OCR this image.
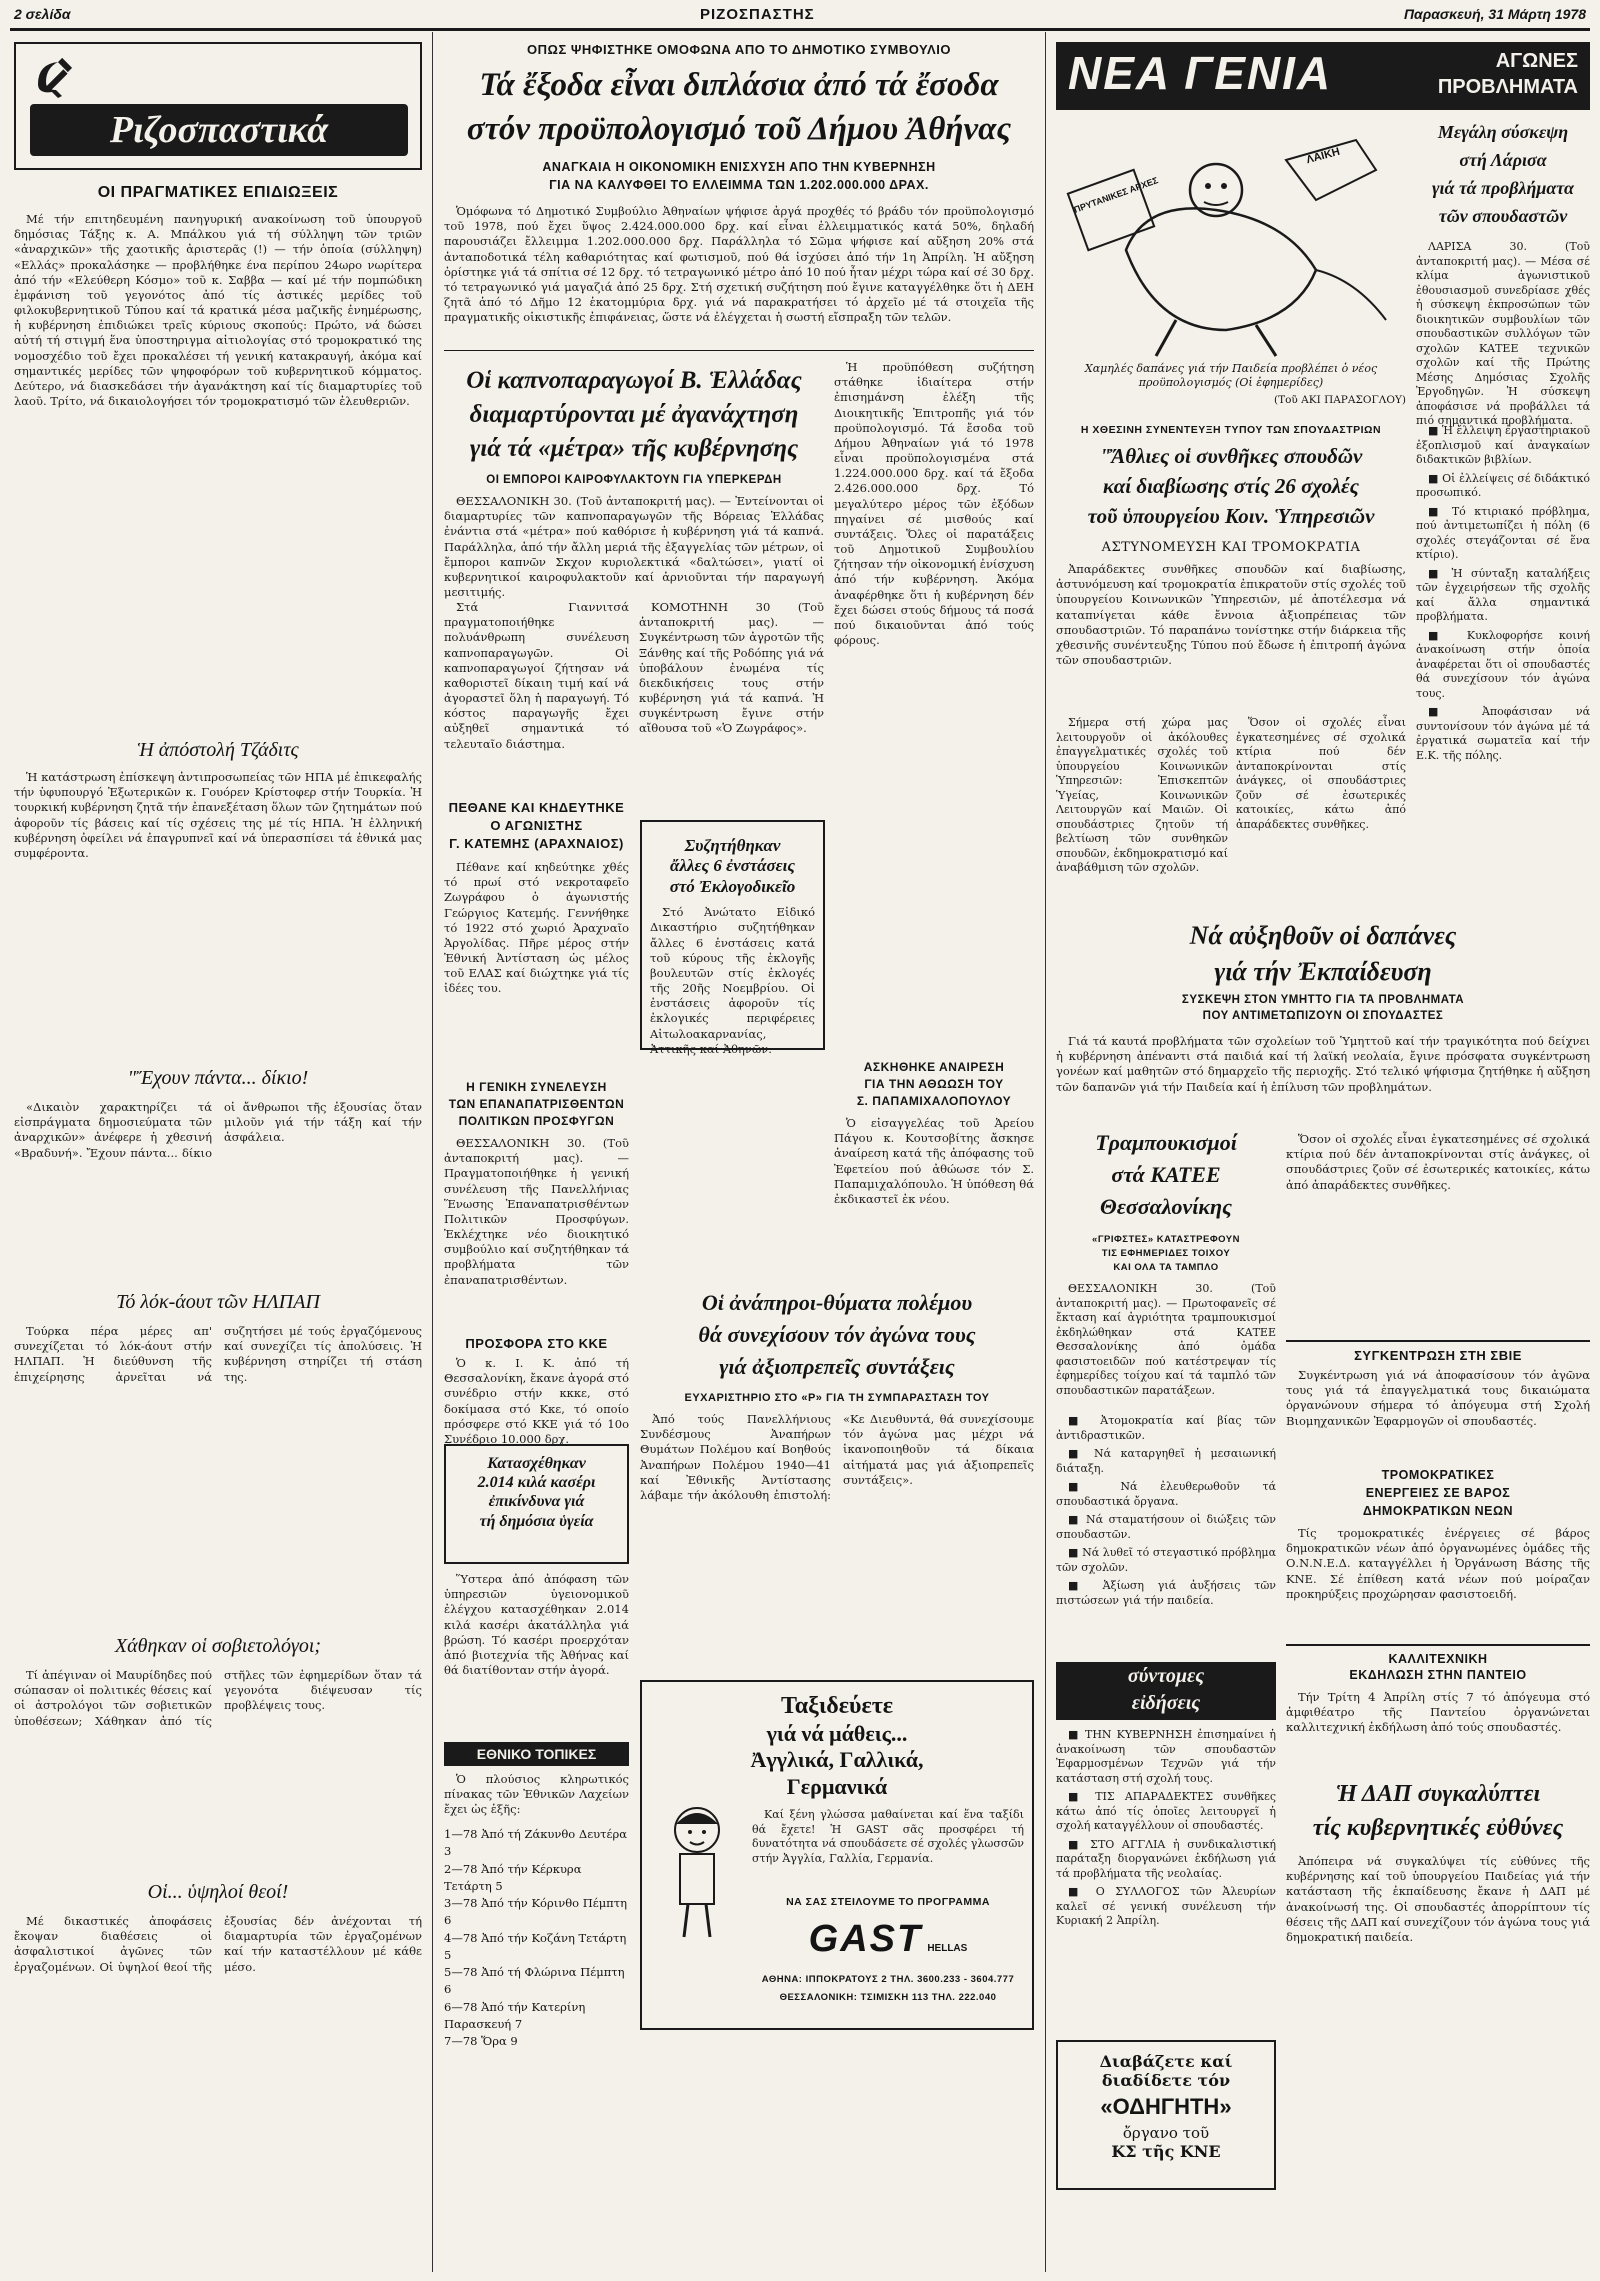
2 σελίδα	ΡΙΖΟΣΠΑΣΤΗΣ	Παρασκευή, 31 Μάρτη 1978
Ριζοσπαστικά
ΟΙ ΠΡΑΓΜΑΤΙΚΕΣ ΕΠΙΔΙΩΞΕΙΣ

Μέ τήν επιτηδευμένη πανηγυρική ανακοίνωση τοῦ ὑπουργοῦ δημόσιας Τάξης κ. Α. Μπάλκου γιά τή σύλληψη τῶν τριῶν «ἀναρχικῶν» τῆς χαοτικῆς ἀριστερᾶς (!) — τήν ὁποία (σύλληψη) «Ελλάς» προκαλάσηκε — προβλήθηκε ένα περίπου 24ωρο νωρίτερα ἀπό τήν «Ελεύθερη Κόσμο» τοῦ κ. Σαββα — καί μέ τήν πομπώδικη ἐμφάνιση τοῦ γεγονότος ἀπό τίς ἀστικές μερίδες τοῦ φιλοκυβερνητικοῦ Τύπου καί τά κρατικά μέσα μαζικῆς ἐνημέρωσης, ἡ κυβέρνηση ἐπιδιώκει τρεῖς κύριους σκοπούς: Πρώτο, νά δώσει αὐτή τή στιγμή ἕνα ὑποστηριγμα αἰτιολογίας στό τρομοκρατικό της νομοσχέδιο τοῦ ἔχει προκαλέσει τή γενική κατακραυγή, ἀκόμα καί σημαντικές μερίδες τῶν ψηφοφόρων τοῦ κυβερνητικοῦ κόμματος. Δεύτερο, νά διασκεδάσει τήν ἀγανάκτηση καί τίς διαμαρτυρίες τοῦ λαοῦ. Τρίτο, νά δικαιολογήσει τόν τρομοκρατισμό τῶν ἐλευθεριῶν.

Ἡ ἀπόστολή Τζάδιτς

Ἡ κατάστρωση ἐπίσκεψη ἀντιπροσωπείας τῶν ΗΠΑ μέ ἐπικεφαλής τήν ὑφυπουργό Ἐξωτερικῶν κ. Γουόρεν Κρίστοφερ στήν Τουρκία. Ἡ τουρκική κυβέρνηση ζητᾶ τήν ἐπανεξέταση ὅλων τῶν ζητημάτων πού ἀφοροῦν τίς βάσεις καί τίς σχέσεις της μέ τίς ΗΠΑ. Ἡ ἐλληνική κυβέρνηση ὀφείλει νά ἐπαγρυπνεῖ καί νά ὑπερασπίσει τά ἐθνικά μας συμφέροντα.

"Ἔχουν πάντα... δίκιο!

«Δικαιὸν χαρακτηρίζει τά εἰσπράγματα δημοσιεύματα τῶν ἀναρχικῶν» ἀνέφερε ἡ χθεσινή «Βραδυνή». Ἔχουν πάντα... δίκιο οἱ ἄνθρωποι τῆς ἐξουσίας ὅταν μιλοῦν γιά τήν τάξη καί τήν ἀσφάλεια.

Τό λόκ-άουτ τῶν ΗΛΠΑΠ

Τούρκα πέρα μέρες απ' συνεχίζεται τό λόκ-άουτ στήν ΗΛΠΑΠ. Ἡ διεύθυνση τῆς ἐπιχείρησης ἀρνεῖται νά συζητήσει μέ τούς ἐργαζόμενους καί συνεχίζει τίς ἀπολύσεις. Ἡ κυβέρνηση στηρίζει τή στάση της.

Χάθηκαν οἱ σοβιετολόγοι;

Τί ἀπέγιναν οἱ Μαυρίδηδες πού σώπασαν οἱ πολιτικές θέσεις καί οἱ ἀστρολόγοι τῶν σοβιετικῶν ὑποθέσεων; Χάθηκαν ἀπό τίς στῆλες τῶν ἐφημερίδων ὅταν τά γεγονότα διέψευσαν τίς προβλέψεις τους.

Οἱ... ὑψηλοί θεοί!

Μέ δικαστικές ἀποφάσεις ἔκοψαν διαθέσεις οἱ ἀσφαλιστικοί ἀγῶνες τῶν ἐργαζομένων. Οἱ ὑψηλοί θεοί τῆς ἐξουσίας δέν ἀνέχονται τή διαμαρτυρία τῶν ἐργαζομένων καί τήν καταστέλλουν μέ κάθε μέσο.

ΟΠΩΣ ΨΗΦΙΣΤΗΚΕ ΟΜΟΦΩΝΑ ΑΠΟ ΤΟ ΔΗΜΟΤΙΚΟ ΣΥΜΒΟΥΛΙΟ
Τά ἔξοδα εἶναι διπλάσια ἀπό τά ἔσοδα
στόν προϋπολογισμό τοῦ Δήμου Ἀθήνας
ΑΝΑΓΚΑΙΑ Η ΟΙΚΟΝΟΜΙΚΗ ΕΝΙΣΧΥΣΗ ΑΠΟ ΤΗΝ ΚΥΒΕΡΝΗΣΗ
ΓΙΑ ΝΑ ΚΑΛΥΦΘΕΙ ΤΟ ΕΛΛΕΙΜΜΑ ΤΩΝ 1.202.000.000 ΔΡΑΧ.

Ὁμόφωνα τό Δημοτικό Συμβούλιο Ἀθηναίων ψήφισε ἀργά προχθές τό βράδυ τόν προϋπολογισμό τοῦ 1978, πού ἔχει ὕψος 2.424.000.000 δρχ. καί εἶναι ἐλλειμματικός κατά 50%, δηλαδή παρουσιάζει ἔλλειμμα 1.202.000.000 δρχ. Παράλληλα τό Σῶμα ψήφισε καί αὔξηση 20% στά ἀνταποδοτικά τέλη καθαριότητας καί φωτισμοῦ, πού θά ἰσχύσει ἀπό τήν 1η Ἀπρίλη. Ἡ αὔξηση ὁρίστηκε γιά τά σπίτια σέ 12 δρχ. τό τετραγωνικό μέτρο ἀπό 10 πού ἦταν μέχρι τώρα καί σέ 30 δρχ. τό τετραγωνικό γιά μαγαζιά ἀπό 25 δρχ. Στή σχετική συζήτηση πού ἔγινε καταγγέλθηκε ὅτι ἡ ΔΕΗ ζητᾶ ἀπό τό Δῆμο 12 ἑκατομμύρια δρχ. γιά νά παρακρατήσει τό ἀρχεῖο μέ τά στοιχεῖα τῆς πραγματικῆς οἰκιστικῆς ἐπιφάνειας, ὥστε νά ἐλέγχεται ἡ σωστή εἴσπραξη τῶν τελῶν.

Οἱ καπνοπαραγωγοί Β. Ἑλλάδας
διαμαρτύρονται μέ ἀγανάχτηση
γιά τά «μέτρα» τῆς κυβέρνησης
ΟΙ ΕΜΠΟΡΟΙ ΚΑΙΡΟΦΥΛΑΚΤΟΥΝ ΓΙΑ ΥΠΕΡΚΕΡΔΗ

ΘΕΣΣΑΛΟΝΙΚΗ 30. (Τοῦ ἀνταποκριτή μας). — Ἐντείνονται οἱ διαμαρτυρίες τῶν καπνοπαραγωγῶν τῆς Βόρειας Ἑλλάδας ἐνάντια στά «μέτρα» πού καθόρισε ἡ κυβέρνηση γιά τά καπνά. Παράλληλα, ἀπό τήν ἄλλη μεριά τῆς ἐξαγγελίας τῶν μέτρων, οἱ ἔμποροι καπνῶν Σκχον κυριολεκτικά «δαλτώσει», γιατί οἱ κυβερνητικοί καιροφυλακτοῦν καί ἀρνιοῦνται τήν παραγωγή μεσιτιμής.

Στά Γιαννιτσά πραγματοποιήθηκε πολυάνθρωπη συνέλευση καπνοπαραγωγῶν. Οἱ καπνοπαραγωγοί ζήτησαν νά καθοριστεῖ δίκαιη τιμή καί νά ἀγοραστεῖ ὅλη ἡ παραγωγή. Τό κόστος παραγωγῆς ἔχει αὐξηθεῖ σημαντικά τό τελευταῖο διάστημα.

ΚΟΜΟΤΗΝΗ 30 (Τοῦ ἀνταποκριτή μας). — Συγκέντρωση τῶν ἀγροτῶν τῆς Ξάνθης καί τῆς Ροδόπης γιά νά ὑποβάλουν ἐνωμένα τίς διεκδικήσεις τους στήν κυβέρνηση γιά τά καπνά. Ἡ συγκέντρωση ἔγινε στήν αἴθουσα τοῦ «Ὁ Ζωγράφος».

Ἡ προϋπόθεση συζήτηση στάθηκε ἰδιαίτερα στήν ἐπισημάνση ἐλέξη τῆς Διοικητικῆς Ἐπιτροπῆς γιά τόν προϋπολογισμό. Τά ἔσοδα τοῦ Δήμου Ἀθηναίων γιά τό 1978 εἶναι προϋπολογισμένα στά 1.224.000.000 δρχ. καί τά ἔξοδα 2.426.000.000 δρχ. Τό μεγαλύτερο μέρος τῶν ἐξόδων πηγαίνει σέ μισθούς καί συντάξεις. Ὅλες οἱ παρατάξεις τοῦ Δημοτικοῦ Συμβουλίου ζήτησαν τήν οἰκονομική ἐνίσχυση ἀπό τήν κυβέρνηση. Ἀκόμα ἀναφέρθηκε ὅτι ἡ κυβέρνηση δέν ἔχει δώσει στούς δήμους τά ποσά πού δικαιοῦνται ἀπό τούς φόρους.

ΠΕΘΑΝΕ ΚΑΙ ΚΗΔΕΥΤΗΚΕ
Ο ΑΓΩΝΙΣΤΗΣ
Γ. ΚΑΤΕΜΗΣ (ΑΡΑΧΝΑΙΟΣ)

Πέθανε καί κηδεύτηκε χθές τό πρωί στό νεκροταφεῖο Ζωγράφου ὁ ἀγωνιστής Γεώργιος Κατεμής. Γεννήθηκε τό 1922 στό χωριό Ἀραχναῖο Ἀργολίδας. Πῆρε μέρος στήν Ἐθνική Ἀντίσταση ὡς μέλος τοῦ ΕΛΑΣ καί διώχτηκε γιά τίς ἰδέες του.

Συζητήθηκαν
ἄλλες 6 ἐνστάσεις
στό Ἐκλογοδικεῖο

Στό Ἀνώτατο Εἰδικό Δικαστήριο συζητήθηκαν ἄλλες 6 ἐνστάσεις κατά τοῦ κύρους τῆς ἐκλογῆς βουλευτῶν στίς ἐκλογές τῆς 20ῆς Νοεμβρίου. Οἱ ἐνστάσεις ἀφοροῦν τίς ἐκλογικές περιφέρειες Αἰτωλοακαρνανίας, Ἀττικῆς καί Ἀθηνῶν.

ΑΣΚΗΘΗΚΕ ΑΝΑΙΡΕΣΗ
ΓΙΑ ΤΗΝ ΑΘΩΩΣΗ ΤΟΥ
Σ. ΠΑΠΑΜΙΧΑΛΟΠΟΥΛΟΥ

Ὁ εἰσαγγελέας τοῦ Ἀρείου Πάγου κ. Κουτσοβίτης ἄσκησε ἀναίρεση κατά τῆς ἀπόφασης τοῦ Ἐφετείου πού ἀθώωσε τόν Σ. Παπαμιχαλόπουλο. Ἡ ὑπόθεση θά ἐκδικαστεῖ ἐκ νέου.

Η ΓΕΝΙΚΗ ΣΥΝΕΛΕΥΣΗ
ΤΩΝ ΕΠΑΝΑΠΑΤΡΙΣΘΕΝΤΩΝ
ΠΟΛΙΤΙΚΩΝ ΠΡΟΣΦΥΓΩΝ

ΘΕΣΣΑΛΟΝΙΚΗ 30. (Τοῦ ἀνταποκριτή μας). — Πραγματοποιήθηκε ἡ γενική συνέλευση τῆς Πανελλήνιας Ἕνωσης Ἐπαναπατρισθέντων Πολιτικῶν Προσφύγων. Ἐκλέχτηκε νέο διοικητικό συμβούλιο καί συζητήθηκαν τά προβλήματα τῶν ἐπαναπατρισθέντων.

ΠΡΟΣΦΟΡΑ ΣΤΟ ΚΚΕ

Ὁ κ. Ι. Κ. ἀπό τή Θεσσαλονίκη, ἔκανε ἀγορά στό συνέδριο στήν κκκε, στό δοκίμασα στό Κκε, τό οποίο πρόσφερε στό ΚΚΕ γιά τό 10ο Συνέδριο 10.000 δρχ.

Κατασχέθηκαν
2.014 κιλά κασέρι
ἐπικίνδυνα γιά
τή δημόσια ὑγεία

Ὕστερα ἀπό ἀπόφαση τῶν ὑπηρεσιῶν ὑγειονομικοῦ ἐλέγχου κατασχέθηκαν 2.014 κιλά κασέρι ἀκατάλληλα γιά βρώση. Τό κασέρι προερχόταν ἀπό βιοτεχνία τῆς Ἀθήνας καί θά διατίθονταν στήν ἀγορά.

ΕΘΝΙΚΟ ΤΟΠΙΚΕΣ

Ὁ πλούσιος κληρωτικός πίνακας τῶν Ἐθνικῶν Λαχείων ἔχει ὡς ἑξῆς:

1—78 Ἀπό τή Ζάκυνθο Δευτέρα 3
2—78 Ἀπό τήν Κέρκυρα Τετάρτη 5
3—78 Ἀπό τήν Κόρινθο Πέμπτη 6
4—78 Ἀπό τήν Κοζάνη Τετάρτη 5
5—78 Ἀπό τή Φλώρινα Πέμπτη 6
6—78 Ἀπό τήν Κατερίνη Παρασκευή 7
7—78 Ὅρα 9
Οἱ ἀνάπηροι-θύματα πολέμου
θά συνεχίσουν τόν ἀγώνα τους
γιά ἀξιοπρεπεῖς συντάξεις
ΕΥΧΑΡΙΣΤΗΡΙΟ ΣΤΟ «Ρ» ΓΙΑ ΤΗ ΣΥΜΠΑΡΑΣΤΑΣΗ ΤΟΥ

Ἀπό τούς Πανελλήνιους Συνδέσμους Ἀναπήρων Θυμάτων Πολέμου καί Βοηθούς Ἀναπήρων Πολέμου 1940—41 καί Ἐθνικῆς Ἀντίστασης λάβαμε τήν ἀκόλουθη ἐπιστολή: «Κε Διευθυντά, θά συνεχίσουμε τόν ἀγώνα μας μέχρι νά ἱκανοποιηθοῦν τά δίκαια αἰτήματά μας γιά ἀξιοπρεπεῖς συντάξεις».

Ταξιδεύετε
γιά νά μάθεις...
Ἀγγλικά, Γαλλικά,
Γερμανικά

Καί ξένη γλώσσα μαθαίνεται καί ἕνα ταξίδι θά ἔχετε! Ἡ GAST σᾶς προσφέρει τή δυνατότητα νά σπουδάσετε σέ σχολές γλωσσῶν στήν Ἀγγλία, Γαλλία, Γερμανία.

ΝΑ ΣΑΣ ΣΤΕΙΛΟΥΜΕ ΤΟ ΠΡΟΓΡΑΜΜΑ
GAST HELLAS
ΑΘΗΝΑ: ΙΠΠΟΚΡΑΤΟΥΣ 2 ΤΗΛ. 3600.233 - 3604.777
ΘΕΣΣΑΛΟΝΙΚΗ: ΤΣΙΜΙΣΚΗ 113 ΤΗΛ. 222.040
ΝΕΑ ΓΕΝΙΑ	ΑΓΩΝΕΣ
ΠΡΟΒΛΗΜΑΤΑ
ΠΡΥΤΑΝΙΚΕΣ ΑΡΧΕΣ
ΛΑΪΚΗ
Χαμηλές δαπάνες γιά τήν Παιδεία προβλέπει ὁ νέος προϋπολογισμός (Οἱ ἐφημερίδες)
(Τοῦ ΑΚΙ ΠΑΡΑΣΟΓΛΟΥ)
Μεγάλη σύσκεψη
στή Λάρισα
γιά τά προβλήματα
τῶν σπουδαστῶν

ΛΑΡΙΣΑ 30. (Τοῦ ἀνταποκριτή μας). — Μέσα σέ κλίμα ἀγωνιστικοῦ ἐθουσιασμοῦ συνεδρίασε χθές ἡ σύσκεψη ἐκπροσώπων τῶν διοικητικῶν συμβουλίων τῶν σπουδαστικῶν συλλόγων τῶν σχολῶν ΚΑΤΕΕ τεχνικῶν σχολῶν καί τῆς Πρώτης Μέσης Δημόσιας Σχολῆς Ἐργοδηγῶν. Ἡ σύσκεψη ἀποφάσισε νά προβάλλει τά πιό σημαντικά προβλήματα.

■ Ἡ ἔλλειψη ἐργαστηριακοῦ ἐξοπλισμοῦ καί ἀναγκαίων διδακτικῶν βιβλίων.

■ Οἱ ἐλλείψεις σέ διδάκτικό προσωπικό.

■ Τό κτιριακό πρόβλημα, πού ἀντιμετωπίζει ἡ πόλη (6 σχολές στεγάζονται σέ ἕνα κτίριο).

■ Ἡ σύνταξη καταλήξεις τῶν ἐγχειρήσεων τῆς σχολῆς καί ἄλλα σημαντικά προβλήματα.

■ Κυκλοφορήσε κοινή ἀνακοίνωση στήν ὁποία ἀναφέρεται ὅτι οἱ σπουδαστές θά συνεχίσουν τόν ἀγώνα τους.

■ Ἀποφάσισαν νά συντονίσουν τόν ἀγώνα μέ τά ἐργατικά σωματεῖα καί τήν Ε.Κ. τῆς πόλης.

Η ΧΘΕΣΙΝΗ ΣΥΝΕΝΤΕΥΞΗ ΤΥΠΟΥ ΤΩΝ ΣΠΟΥΔΑΣΤΡΙΩΝ
"Ἄθλιες οἱ συνθῆκες σπουδῶν
καί διαβίωσης στίς 26 σχολές
τοῦ ὑπουργείου Κοιν. Ὑπηρεσιῶν
ΑΣΤΥΝΟΜΕΥΣΗ ΚΑΙ ΤΡΟΜΟΚΡΑΤΙΑ

Ἀπαράδεκτες συνθῆκες σπουδῶν καί διαβίωσης, ἀστυνόμευση καί τρομοκρατία ἐπικρατοῦν στίς σχολές τοῦ ὑπουργείου Κοινωνικῶν Ὑπηρεσιῶν, μέ ἀποτέλεσμα νά καταπνίγεται κάθε ἔννοια ἀξιοπρέπειας τῶν σπουδαστριῶν. Τό παραπάνω τονίστηκε στήν διάρκεια τῆς χθεσινῆς συνέντευξης Τύπου πού ἔδωσε ἡ ἐπιτροπή ἀγώνα τῶν σπουδαστριῶν.

Σήμερα στή χώρα μας λειτουργοῦν οἱ ἀκόλουθες ἐπαγγελματικές σχολές τοῦ ὑπουργείου Κοινωνικῶν Ὑπηρεσιῶν: Ἐπισκεπτῶν Ὑγείας, Κοινωνικῶν Λειτουργῶν καί Μαιῶν. Οἱ σπουδάστριες ζητοῦν τή βελτίωση τῶν συνθηκῶν σπουδῶν, ἐκδημοκρατισμό καί ἀναβάθμιση τῶν σχολῶν.

Ὅσον οἱ σχολές εἶναι ἐγκατεσημένες σέ σχολικά κτίρια πού δέν ἀνταποκρίνονται στίς ἀνάγκες, οἱ σπουδάστριες ζοῦν σέ ἐσωτερικές κατοικίες, κάτω ἀπό ἀπαράδεκτες συνθῆκες.

Νά αὐξηθοῦν οἱ δαπάνες
γιά τήν Ἐκπαίδευση
ΣΥΣΚΕΨΗ ΣΤΟΝ ΥΜΗΤΤΟ ΓΙΑ ΤΑ ΠΡΟΒΛΗΜΑΤΑ
ΠΟΥ ΑΝΤΙΜΕΤΩΠΙΖΟΥΝ ΟΙ ΣΠΟΥΔΑΣΤΕΣ

Γιά τά καυτά προβλήματα τῶν σχολείων τοῦ Ὑμηττοῦ καί τήν τραγικότητα πού δείχνει ἡ κυβέρνηση ἀπέναντι στά παιδιά καί τή λαϊκή νεολαία, ἔγινε πρόσφατα συγκέντρωση γονέων καί μαθητῶν στό δημαρχεῖο τῆς περιοχῆς. Στό τελικό ψήφισμα ζητήθηκε ἡ αὔξηση τῶν δαπανῶν γιά τήν Παιδεία καί ἡ ἐπίλυση τῶν προβλημάτων.

Τραμπουκισμοί
στά ΚΑΤΕΕ
Θεσσαλονίκης
«ΓΡΙΦΣΤΕΣ» ΚΑΤΑΣΤΡΕΦΟΥΝ
ΤΙΣ ΕΦΗΜΕΡΙΔΕΣ ΤΟΙΧΟΥ
ΚΑΙ ΟΛΑ ΤΑ ΤΑΜΠΛΟ

ΘΕΣΣΑΛΟΝΙΚΗ 30. (Τοῦ ἀνταποκριτή μας). — Πρωτοφανεῖς σέ ἔκταση καί ἀγριότητα τραμπουκισμοί ἐκδηλώθηκαν στά ΚΑΤΕΕ Θεσσαλονίκης ἀπό ὁμάδα φασιστοειδῶν πού κατέστρεψαν τίς ἐφημερίδες τοίχου καί τά ταμπλό τῶν σπουδαστικῶν παρατάξεων.

■ Ἀτομοκρατία καί βίας τῶν ἀντιδραστικῶν.

■ Νά καταργηθεῖ ἡ μεσαιωνική διάταξη.

■ Νά ἐλευθερωθοῦν τά σπουδαστικά ὄργανα.

■ Νά σταματήσουν οἱ διώξεις τῶν σπουδαστῶν.

■ Νά λυθεῖ τό στεγαστικό πρόβλημα τῶν σχολῶν.

■ Ἀξίωση γιά ἀυξήσεις τῶν πιστώσεων γιά τήν παιδεία.

Ὅσον οἱ σχολές εἶναι ἐγκατεσημένες σέ σχολικά κτίρια πού δέν ἀνταποκρίνονται στίς ἀνάγκες, οἱ σπουδάστριες ζοῦν σέ ἐσωτερικές κατοικίες, κάτω ἀπό ἀπαράδεκτες συνθῆκες.

ΣΥΓΚΕΝΤΡΩΣΗ ΣΤΗ ΣΒΙΕ

Συγκέντρωση γιά νά ἀποφασίσουν τόν ἀγῶνα τους γιά τά ἐπαγγελματικά τους δικαιώματα ὀργανώνουν σήμερα τό ἀπόγευμα στή Σχολή Βιομηχανικῶν Ἐφαρμογῶν οἱ σπουδαστές.

ΤΡΟΜΟΚΡΑΤΙΚΕΣ
ΕΝΕΡΓΕΙΕΣ ΣΕ ΒΑΡΟΣ
ΔΗΜΟΚΡΑΤΙΚΩΝ ΝΕΩΝ

Τίς τρομοκρατικές ἐνέργειες σέ βάρος δημοκρατικῶν νέων ἀπό ὀργανωμένες ὁμάδες τῆς Ο.Ν.Ν.Ε.Δ. καταγγέλλει ἡ Ὀργάνωση Βάσης τῆς ΚΝΕ. Σέ ἐπίθεση κατά νέων πού μοίραζαν προκηρύξεις προχώρησαν φασιστοειδή.

ΚΑΛΛΙΤΕΧΝΙΚΗ
ΕΚΔΗΛΩΣΗ ΣΤΗΝ ΠΑΝΤΕΙΟ

Τήν Τρίτη 4 Ἀπρίλη στίς 7 τό ἀπόγευμα στό ἀμφιθέατρο τῆς Παντείου ὀργανώνεται καλλιτεχνική ἐκδήλωση ἀπό τούς σπουδαστές.

σύντομες
εἰδήσεις

■ ΤΗΝ ΚΥΒΕΡΝΗΣΗ ἐπισημαίνει ἡ ἀνακοίνωση τῶν σπουδαστῶν Ἐφαρμοσμένων Τεχνῶν γιά τήν κατάσταση στή σχολή τους.

■ ΤΙΣ ΑΠΑΡΑΔΕΚΤΕΣ συνθῆκες κάτω ἀπό τίς ὁποῖες λειτουργεῖ ἡ σχολή καταγγέλλουν οἱ σπουδαστές.

■ ΣΤΟ ΑΓΓΛΙΑ ἡ συνδικαλιστική παράταξη διοργανώνει ἐκδήλωση γιά τά προβλήματα τῆς νεολαίας.

■ Ο ΣΥΛΛΟΓΟΣ τῶν Ἀλευρίων καλεῖ σέ γενική συνέλευση τήν Κυριακή 2 Ἀπρίλη.

Διαβάζετε καί
διαδίδετε τόν
«ΟΔΗΓΗΤΗ»
ὄργανο τοῦ
ΚΣ τῆς ΚΝΕ
Ἡ ΔΑΠ συγκαλύπτει
τίς κυβερνητικές εὐθύνες

Ἀπόπειρα νά συγκαλύψει τίς εὐθύνες τῆς κυβέρνησης καί τοῦ ὑπουργείου Παιδείας γιά τήν κατάσταση τῆς ἐκπαίδευσης ἔκανε ἡ ΔΑΠ μέ ἀνακοίνωσή της. Οἱ σπουδαστές ἀπορρίπτουν τίς θέσεις τῆς ΔΑΠ καί συνεχίζουν τόν ἀγώνα τους γιά δημοκρατική παιδεία.
